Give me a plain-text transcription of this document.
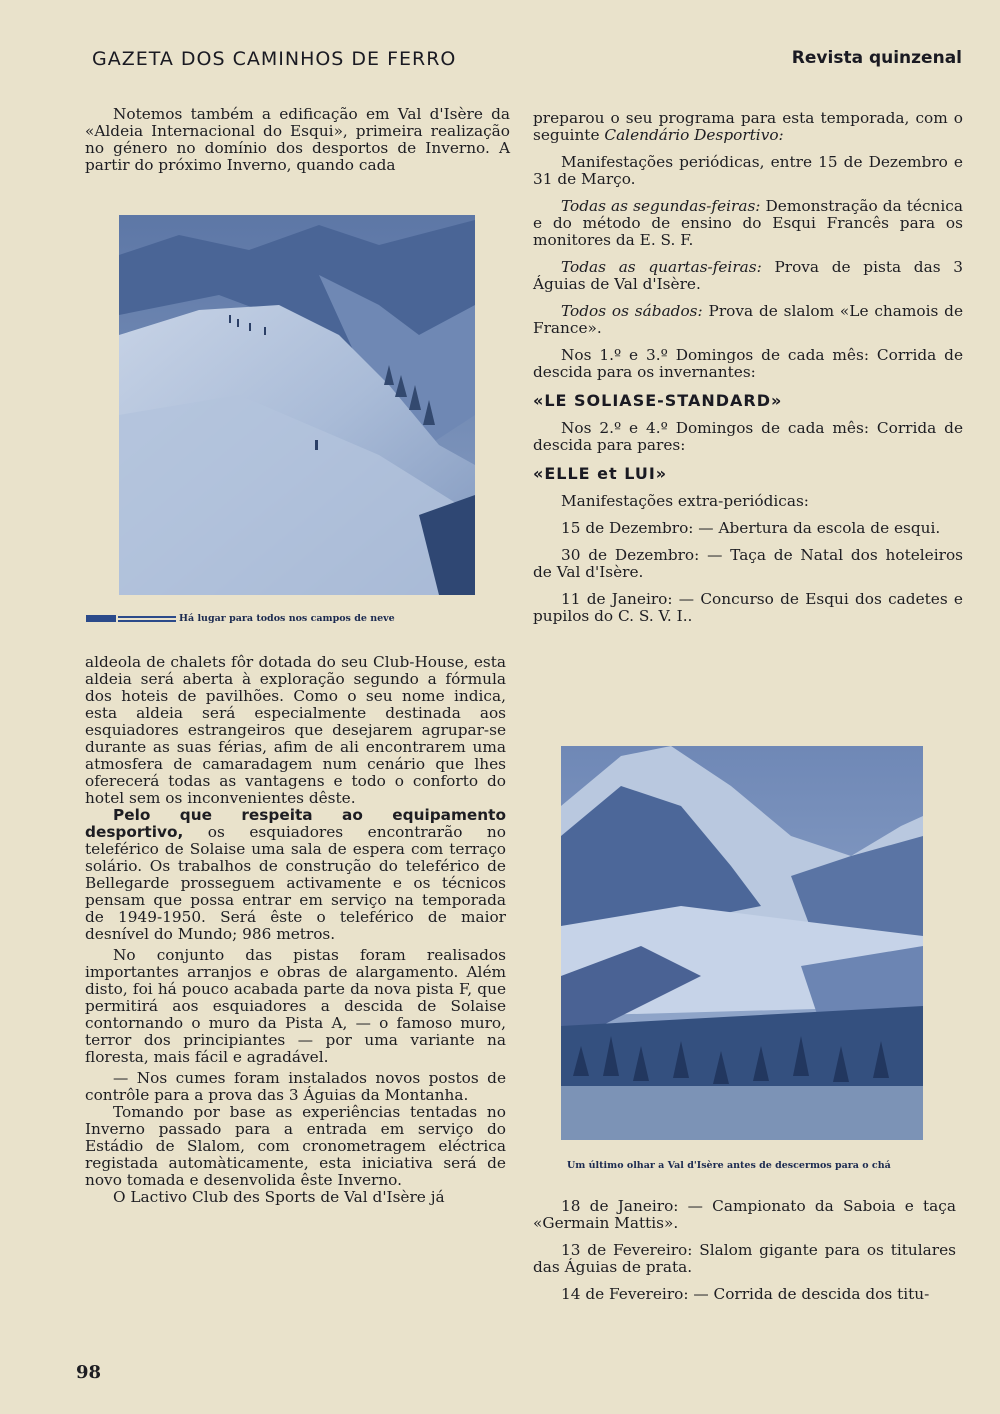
GAZETA DOS CAMINHOS DE FERRO	Revista quinzenal

Notemos também a edificação em Val d'Isère da «Aldeia Internacional do Esqui», primeira realização no género no domínio dos desportos de Inverno. A partir do próximo Inverno, quando cada

Há lugar para todos nos campos de neve

aldeola de chalets fôr dotada do seu Club-House, esta aldeia será aberta à exploração segundo a fórmula dos hoteis de pavilhões. Como o seu nome indica, esta aldeia será especialmente destinada aos esquiadores estrangeiros que desejarem agrupar-se durante as suas férias, afim de ali encontrarem uma atmosfera de camaradagem num cenário que lhes oferecerá todas as vantagens e todo o conforto do hotel sem os inconvenientes dêste.

Pelo que respeita ao equipamento desportivo, os esquiadores encontrarão no teleférico de Solaise uma sala de espera com terraço solário. Os trabalhos de construção do teleférico de Bellegarde prosseguem activamente e os técnicos pensam que possa entrar em serviço na temporada de 1949-1950. Será êste o teleférico de maior desnível do Mundo; 986 metros.

No conjunto das pistas foram realisados importantes arranjos e obras de alargamento. Além disto, foi há pouco acabada parte da nova pista F, que permitirá aos esquiadores a descida de Solaise contornando o muro da Pista A, — o famoso muro, terror dos principiantes — por uma variante na floresta, mais fácil e agradável.

— Nos cumes foram instalados novos postos de contrôle para a prova das 3 Águias da Montanha.

Tomando por base as experiências tentadas no Inverno passado para a entrada em serviço do Estádio de Slalom, com cronometragem eléctrica registada automàticamente, esta iniciativa será de novo tomada e desenvolida êste Inverno.

O Lactivo Club des Sports de Val d'Isère já

preparou o seu programa para esta temporada, com o seguinte Calendário Desportivo:

Manifestações periódicas, entre 15 de Dezembro e 31 de Março.

Todas as segundas-feiras: Demonstração da técnica e do método de ensino do Esqui Francês para os monitores da E. S. F.

Todas as quartas-feiras: Prova de pista das 3 Águias de Val d'Isère.

Todos os sábados: Prova de slalom «Le chamois de France».

Nos 1.º e 3.º Domingos de cada mês: Corrida de descida para os invernantes:

«LE SOLIASE-STANDARD»

Nos 2.º e 4.º Domingos de cada mês: Corrida de descida para pares:

«ELLE et LUI»

Manifestações extra-periódicas:

15 de Dezembro: — Abertura da escola de esqui.

30 de Dezembro: — Taça de Natal dos hoteleiros de Val d'Isère.

11 de Janeiro: — Concurso de Esqui dos cadetes e pupilos do C. S. V. I..

Um último olhar a Val d'Isère antes de descermos para o chá

18 de Janeiro: — Campionato da Saboia e taça «Germain Mattis».

13 de Fevereiro: Slalom gigante para os titulares das Águias de prata.

14 de Fevereiro: — Corrida de descida dos titu-

98
